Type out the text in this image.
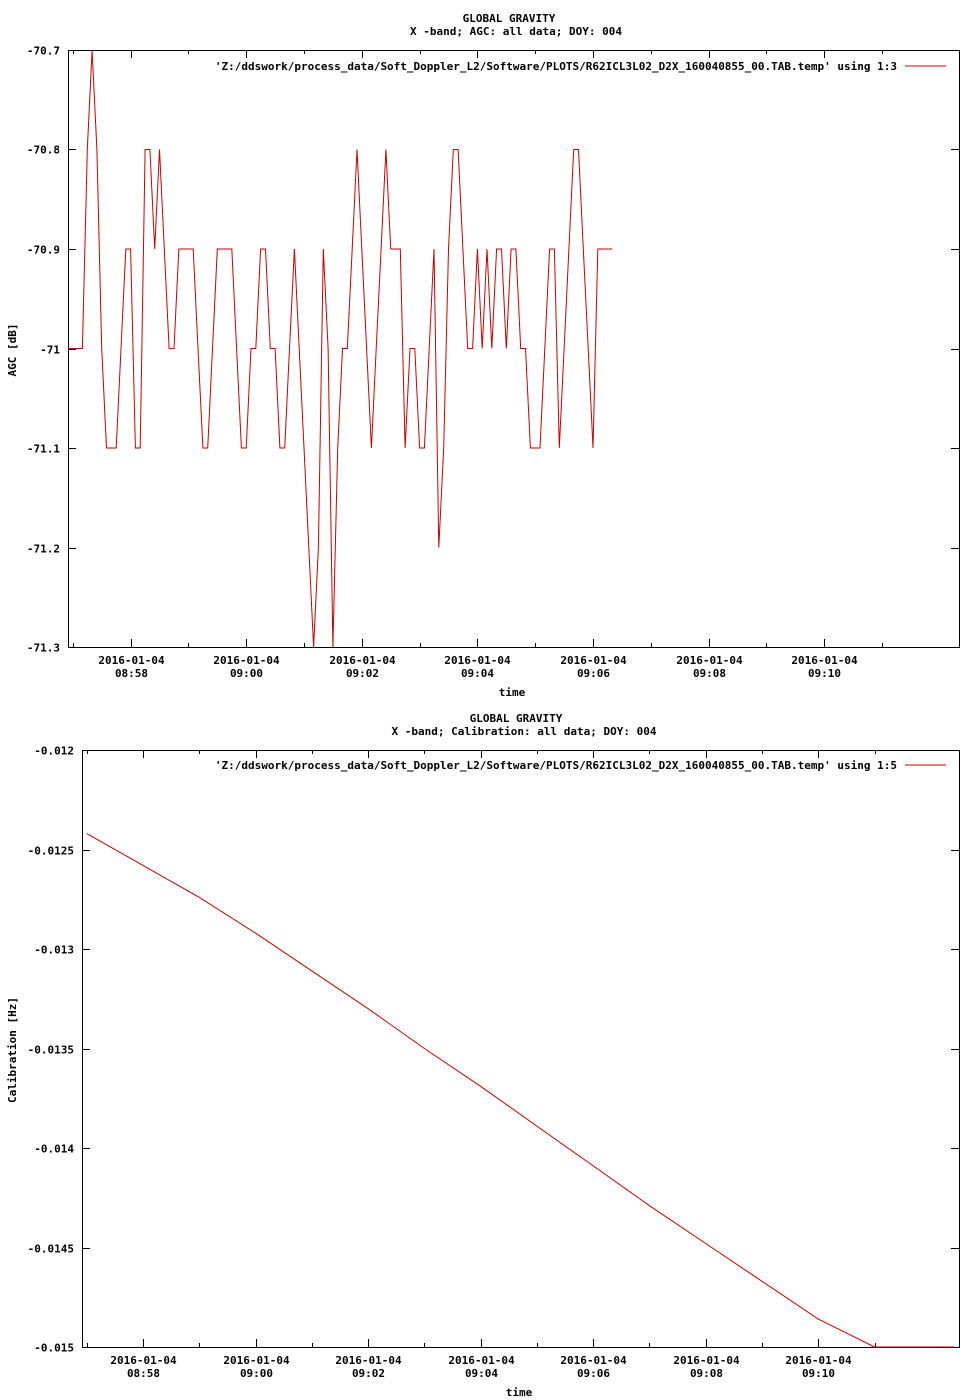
GLOBAL GRAVITY
X -band; AGC: all data; DOY: 004
-70.7
-70.8
-70.9
-71
-71.1
-71.2
-71.3
2016-01-04
08:58
2016-01-04
09:00
2016-01-04
09:02
2016-01-04
09:04
2016-01-04
09:06
2016-01-04
09:08
2016-01-04
09:10
time
AGC [dB]
'Z:/ddswork/process_data/Soft_Doppler_L2/Software/PLOTS/R62ICL3L02_D2X_160040855_00.TAB.temp' using 1:3
GLOBAL GRAVITY
X -band; Calibration: all data; DOY: 004
-0.012
-0.0125
-0.013
-0.0135
-0.014
-0.0145
-0.015
2016-01-04
08:58
2016-01-04
09:00
2016-01-04
09:02
2016-01-04
09:04
2016-01-04
09:06
2016-01-04
09:08
2016-01-04
09:10
time
Calibration [Hz]
'Z:/ddswork/process_data/Soft_Doppler_L2/Software/PLOTS/R62ICL3L02_D2X_160040855_00.TAB.temp' using 1:5
